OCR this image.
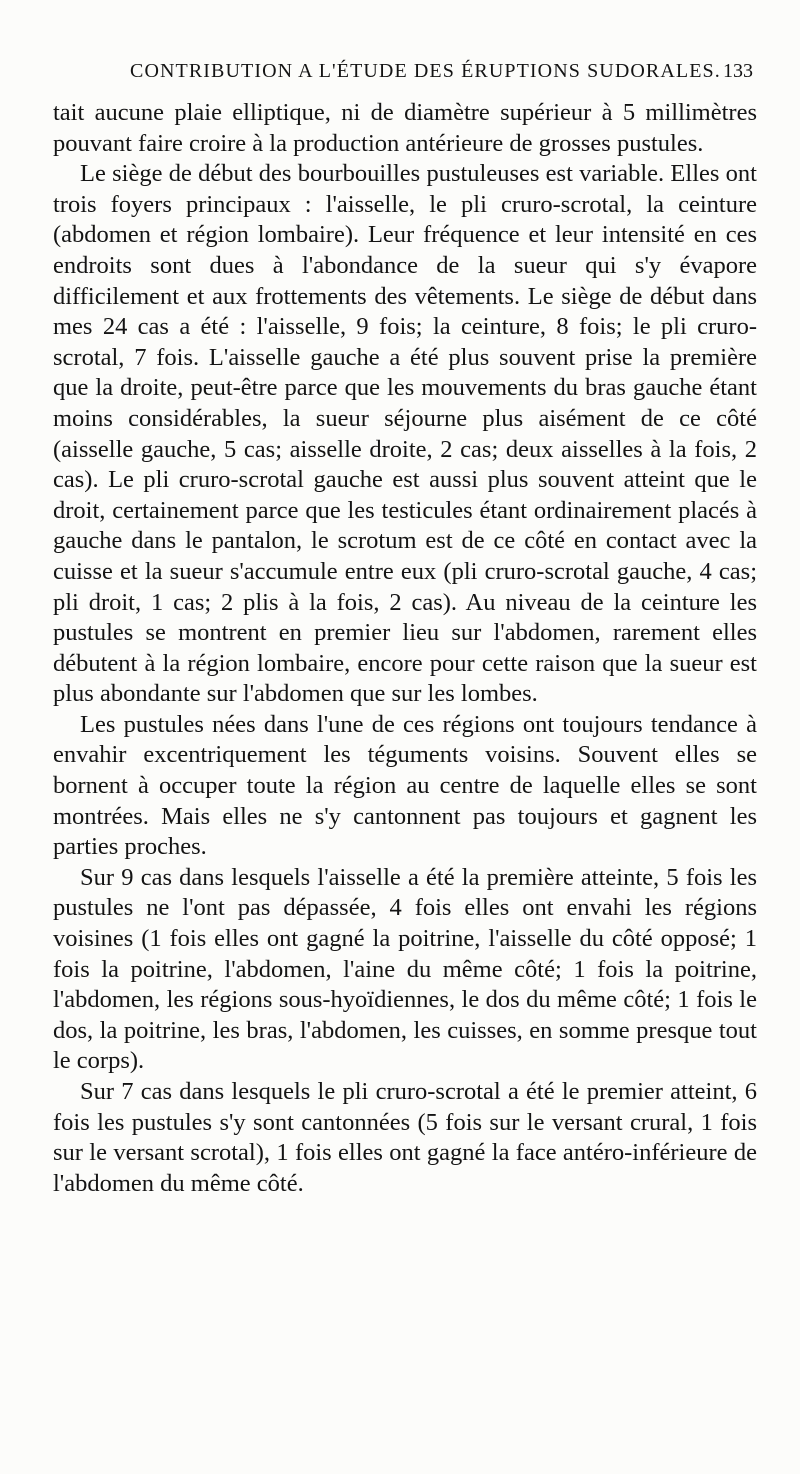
CONTRIBUTION A L'ÉTUDE DES ÉRUPTIONS SUDORALES. 133

tait aucune plaie elliptique, ni de diamètre supérieur à 5 millimètres pouvant faire croire à la production antérieure de grosses pustules.

Le siège de début des bourbouilles pustuleuses est variable. Elles ont trois foyers principaux : l'aisselle, le pli cruro-scrotal, la ceinture (abdomen et région lombaire). Leur fréquence et leur intensité en ces endroits sont dues à l'abondance de la sueur qui s'y évapore difficilement et aux frottements des vêtements. Le siège de début dans mes 24 cas a été : l'aisselle, 9 fois; la ceinture, 8 fois; le pli cruro-scrotal, 7 fois. L'aisselle gauche a été plus souvent prise la première que la droite, peut-être parce que les mouvements du bras gauche étant moins considérables, la sueur séjourne plus aisément de ce côté (aisselle gauche, 5 cas; aisselle droite, 2 cas; deux aisselles à la fois, 2 cas). Le pli cruro-scrotal gauche est aussi plus souvent atteint que le droit, certainement parce que les testicules étant ordinairement placés à gauche dans le pantalon, le scrotum est de ce côté en contact avec la cuisse et la sueur s'accumule entre eux (pli cruro-scrotal gauche, 4 cas; pli droit, 1 cas; 2 plis à la fois, 2 cas). Au niveau de la ceinture les pustules se montrent en premier lieu sur l'abdomen, rarement elles débutent à la région lombaire, encore pour cette raison que la sueur est plus abondante sur l'abdomen que sur les lombes.

Les pustules nées dans l'une de ces régions ont toujours tendance à envahir excentriquement les téguments voisins. Souvent elles se bornent à occuper toute la région au centre de laquelle elles se sont montrées. Mais elles ne s'y cantonnent pas toujours et gagnent les parties proches.

Sur 9 cas dans lesquels l'aisselle a été la première atteinte, 5 fois les pustules ne l'ont pas dépassée, 4 fois elles ont envahi les régions voisines (1 fois elles ont gagné la poitrine, l'aisselle du côté opposé; 1 fois la poitrine, l'abdomen, l'aine du même côté; 1 fois la poitrine, l'abdomen, les régions sous-hyoïdiennes, le dos du même côté; 1 fois le dos, la poitrine, les bras, l'abdomen, les cuisses, en somme presque tout le corps).

Sur 7 cas dans lesquels le pli cruro-scrotal a été le premier atteint, 6 fois les pustules s'y sont cantonnées (5 fois sur le versant crural, 1 fois sur le versant scrotal), 1 fois elles ont gagné la face antéro-inférieure de l'abdomen du même côté.
